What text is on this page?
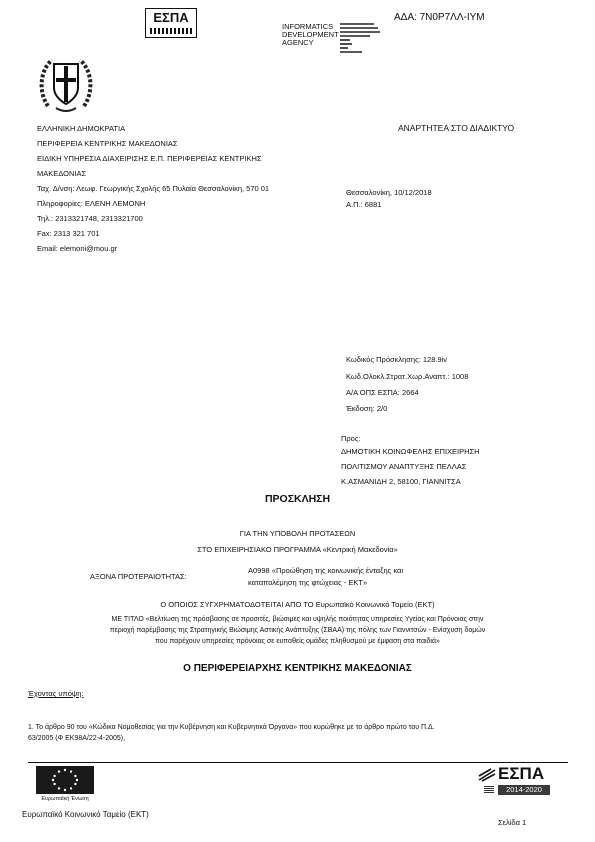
ΕΣΠΑ
INFORMATICS
DEVELOPMENT
AGENCY
ΑΔΑ: 7Ν0Ρ7ΛΛ-ΙΥΜ
ΑΝΑΡΤΗΤΕΑ ΣΤΟ ΔΙΑΔΙΚΤΥΟ
ΕΛΛΗΝΙΚΗ ΔΗΜΟΚΡΑΤΙΑ
ΠΕΡΙΦΕΡΕΙΑ ΚΕΝΤΡΙΚΗΣ ΜΑΚΕΔΟΝΙΑΣ
ΕΙΔΙΚΗ ΥΠΗΡΕΣΙΑ ΔΙΑΧΕΙΡΙΣΗΣ Ε.Π. ΠΕΡΙΦΕΡΕΙΑΣ ΚΕΝΤΡΙΚΗΣ
ΜΑΚΕΔΟΝΙΑΣ
Ταχ. Δ/νση: Λεωφ. Γεωργικής Σχολής 65 Πυλαία Θεσσαλονίκη, 570 01
Πληροφορίες: ΕΛΕΝΗ ΛΕΜΟΝΗ
Τηλ.: 2313321748, 2313321700
Fax: 2313 321 701
Email: elemoni@mou.gr
Θεσσαλονίκη, 10/12/2018
Α.Π.: 6881
Κωδικός Πρόσκλησης: 128.9iv
Κωδ.Ολοκλ.Στρατ.Χωρ.Αναπτ.: 1008
Α/Α ΟΠΣ ΕΣΠΑ: 2664
Έκδοση: 2/0
Προς:
ΔΗΜΟΤΙΚΗ ΚΟΙΝΩΦΕΛΗΣ ΕΠΙΧΕΙΡΗΣΗ
ΠΟΛΙΤΙΣΜΟΥ ΑΝΑΠΤΥΞΗΣ ΠΕΛΛΑΣ
Κ.ΑΣΜΑΝΙΔΗ 2, 58100, ΓΙΑΝΝΙΤΣΑ
ΠΡΟΣΚΛΗΣΗ
ΓΙΑ ΤΗΝ ΥΠΟΒΟΛΗ ΠΡΟΤΑΣΕΩΝ
ΣΤΟ ΕΠΙΧΕΙΡΗΣΙΑΚΟ ΠΡΟΓΡΑΜΜΑ «Κεντρική Μακεδονία»
ΑΞΟΝΑ ΠΡΟΤΕΡΑΙΟΤΗΤΑΣ:
Α0998 «Προώθηση της κοινωνικής ένταξης και
καταπολέμηση της φτώχειας - ΕΚΤ»
Ο ΟΠΟΙΟΣ ΣΥΓΧΡΗΜΑΤΟΔΟΤΕΙΤΑΙ ΑΠΟ ΤΟ Ευρωπαϊκό Κοινωνικό Ταμείο (ΕΚΤ)
ΜΕ ΤΙΤΛΟ «Βελτίωση της πρόσβασης σε προσιτές, βιώσιμες και υψηλής ποιότητας υπηρεσίες Υγείας και Πρόνοιας στην
περιοχή παρέμβασης της Στρατηγικής Βιώσιμης Αστικής Ανάπτυξης (ΣΒΑΑ) της πόλης των Γιαννιτσών - Ενίσχυση δομών
που παρέχουν υπηρεσίες πρόνοιας σε ευπαθείς ομάδες πληθυσμού με έμφαση στα παιδιά»
Ο ΠΕΡΙΦΕΡΕΙΑΡΧΗΣ ΚΕΝΤΡΙΚΗΣ ΜΑΚΕΔΟΝΙΑΣ
Έχοντας υπόψη:
1. Το άρθρο 90 του «Κώδικα Νομοθεσίας για την Κυβέρνηση και Κυβερνητικά Όργανα» που κυρώθηκε με το άρθρο πρώτο του Π.Δ.
63/2005 (Φ ΕΚ98Α/22-4-2005),
Ευρωπαϊκή Ένωση
Ευρωπαϊκό Κοινωνικό Ταμείο (ΕΚΤ)
ΕΣΠΑ
2014-2020
Σελίδα 1
